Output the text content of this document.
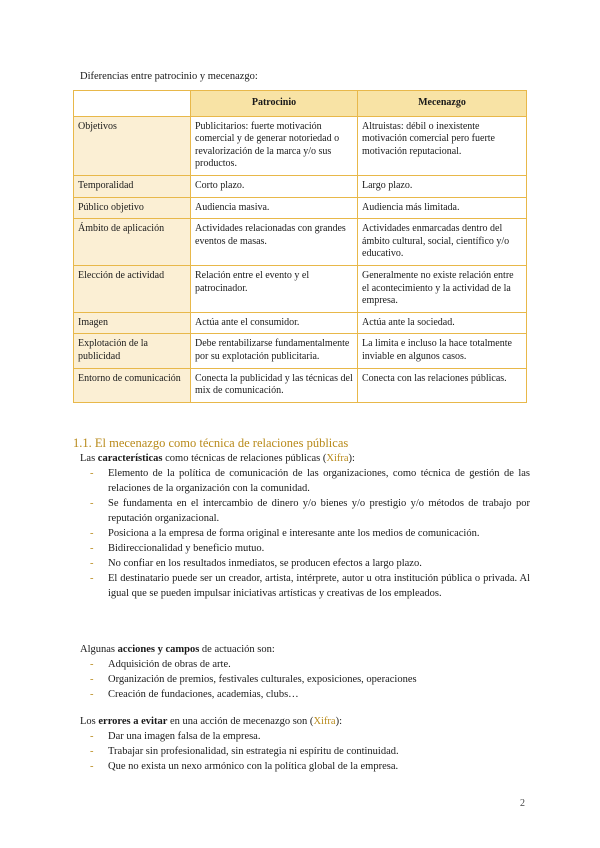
Diferencias entre patrocinio y mecenazgo:
	Patrocinio	Mecenazgo
Objetivos	Publicitarios: fuerte motivación comercial y de generar notoriedad o revalorización de la marca y/o sus productos.	Altruistas: débil o inexistente motivación comercial pero fuerte motivación reputacional.
Temporalidad	Corto plazo.	Largo plazo.
Público objetivo	Audiencia masiva.	Audiencia más limitada.
Ámbito de aplicación	Actividades relacionadas con grandes eventos de masas.	Actividades enmarcadas dentro del ámbito cultural, social, científico y/o educativo.
Elección de actividad	Relación entre el evento y el patrocinador.	Generalmente no existe relación entre el acontecimiento y la actividad de la empresa.
Imagen	Actúa ante el consumidor.	Actúa ante la sociedad.
Explotación de la publicidad	Debe rentabilizarse fundamentalmente por su explotación publicitaria.	La limita e incluso la hace totalmente inviable en algunos casos.
Entorno de comunicación	Conecta la publicidad y las técnicas del mix de comunicación.	Conecta con las relaciones públicas.
1.1. El mecenazgo como técnica de relaciones públicas
Las características como técnicas de relaciones públicas (Xifra):
- Elemento de la política de comunicación de las organizaciones, como técnica de gestión de las relaciones de la organización con la comunidad.
- Se fundamenta en el intercambio de dinero y/o bienes y/o prestigio y/o métodos de trabajo por reputación organizacional.
- Posiciona a la empresa de forma original e interesante ante los medios de comunicación.
- Bidireccionalidad y beneficio mutuo.
- No confiar en los resultados inmediatos, se producen efectos a largo plazo.
- El destinatario puede ser un creador, artista, intérprete, autor u otra institución pública o privada. Al igual que se pueden impulsar iniciativas artísticas y creativas de los empleados.
Algunas acciones y campos de actuación son:
- Adquisición de obras de arte.
- Organización de premios, festivales culturales, exposiciones, operaciones
- Creación de fundaciones, academias, clubs…
Los errores a evitar en una acción de mecenazgo son (Xifra):
- Dar una imagen falsa de la empresa.
- Trabajar sin profesionalidad, sin estrategia ni espíritu de continuidad.
- Que no exista un nexo armónico con la política global de la empresa.
2
